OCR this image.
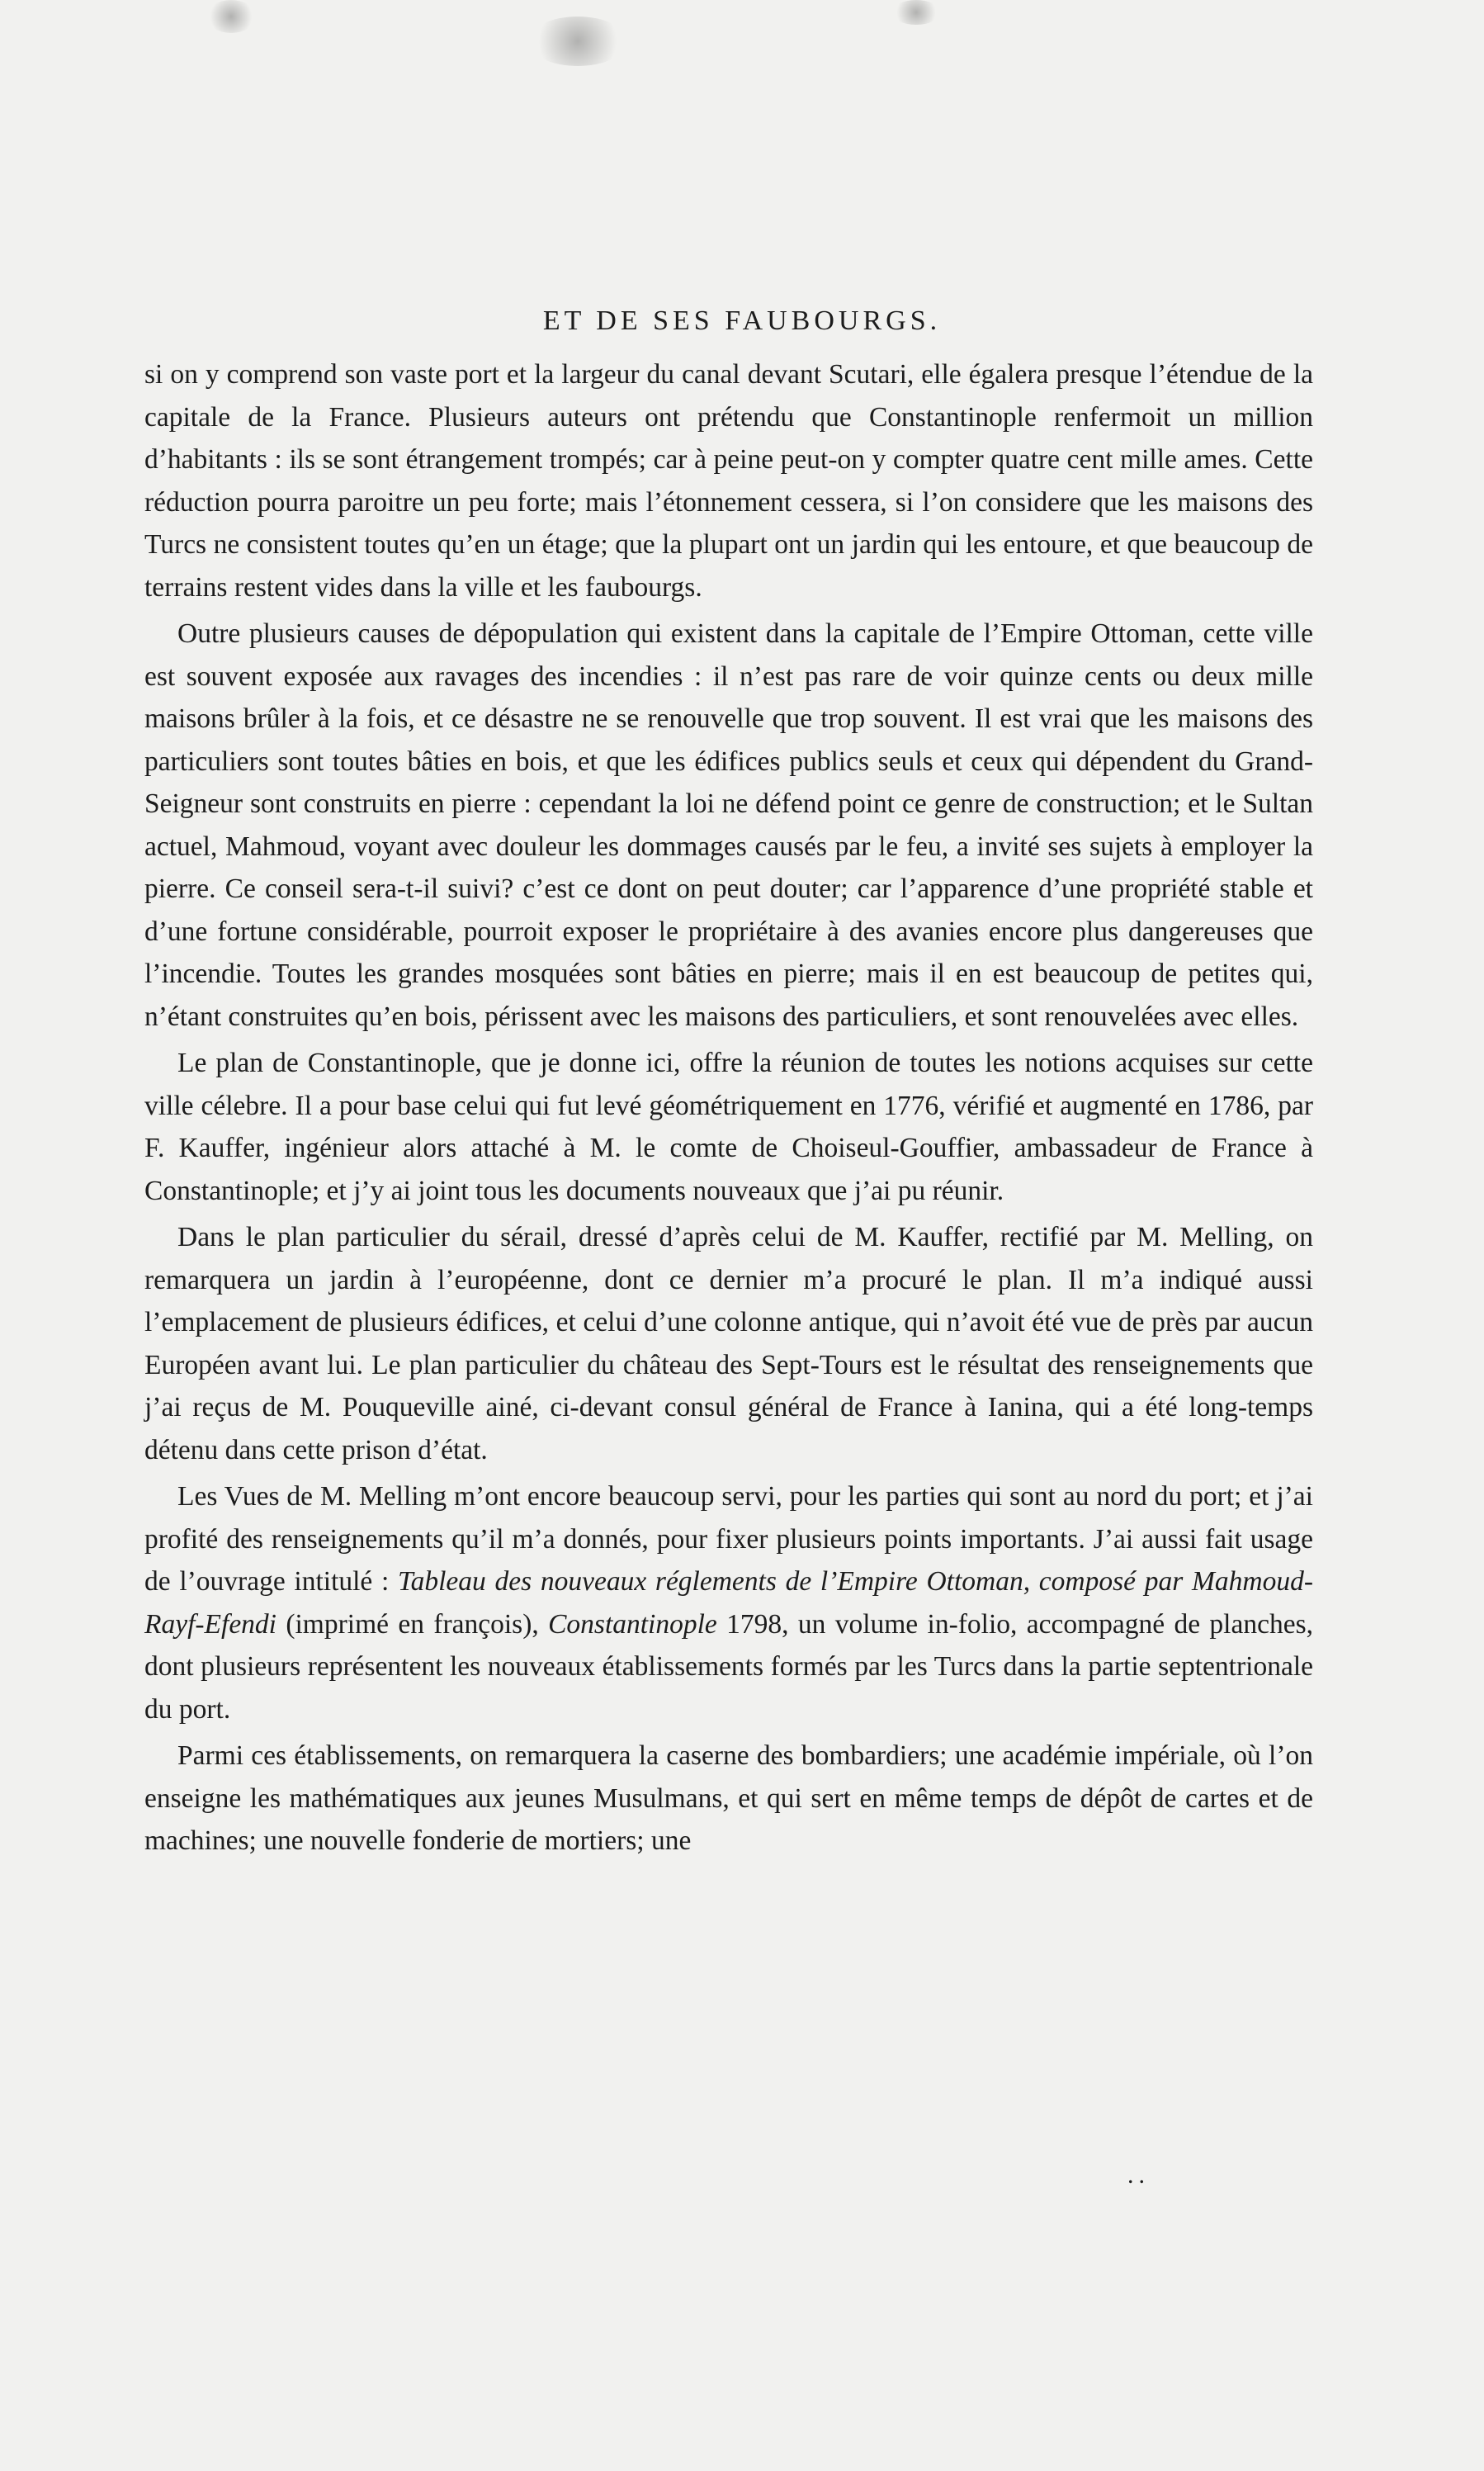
ET DE SES FAUBOURGS.

si on y comprend son vaste port et la largeur du canal devant Scutari, elle égalera presque l’étendue de la capitale de la France. Plusieurs auteurs ont prétendu que Constantinople renfermoit un million d’habitants : ils se sont étrangement trompés; car à peine peut-on y compter quatre cent mille ames. Cette réduction pourra paroitre un peu forte; mais l’étonnement cessera, si l’on considere que les maisons des Turcs ne consistent toutes qu’en un étage; que la plupart ont un jardin qui les entoure, et que beaucoup de terrains restent vides dans la ville et les faubourgs.

Outre plusieurs causes de dépopulation qui existent dans la capitale de l’Empire Ottoman, cette ville est souvent exposée aux ravages des incendies : il n’est pas rare de voir quinze cents ou deux mille maisons brûler à la fois, et ce désastre ne se renouvelle que trop souvent. Il est vrai que les maisons des particuliers sont toutes bâties en bois, et que les édifices publics seuls et ceux qui dépendent du Grand-Seigneur sont construits en pierre : cependant la loi ne défend point ce genre de construction; et le Sultan actuel, Mahmoud, voyant avec douleur les dommages causés par le feu, a invité ses sujets à employer la pierre. Ce conseil sera-t-il suivi? c’est ce dont on peut douter; car l’apparence d’une propriété stable et d’une fortune considérable, pourroit exposer le propriétaire à des avanies encore plus dangereuses que l’incendie. Toutes les grandes mosquées sont bâties en pierre; mais il en est beaucoup de petites qui, n’étant construites qu’en bois, périssent avec les maisons des particuliers, et sont renouvelées avec elles.

Le plan de Constantinople, que je donne ici, offre la réunion de toutes les notions acquises sur cette ville célebre. Il a pour base celui qui fut levé géométriquement en 1776, vérifié et augmenté en 1786, par F. Kauffer, ingénieur alors attaché à M. le comte de Choiseul-Gouffier, ambassadeur de France à Constantinople; et j’y ai joint tous les documents nouveaux que j’ai pu réunir.

Dans le plan particulier du sérail, dressé d’après celui de M. Kauffer, rectifié par M. Melling, on remarquera un jardin à l’européenne, dont ce dernier m’a procuré le plan. Il m’a indiqué aussi l’emplacement de plusieurs édifices, et celui d’une colonne antique, qui n’avoit été vue de près par aucun Européen avant lui. Le plan particulier du château des Sept-Tours est le résultat des renseignements que j’ai reçus de M. Pouqueville ainé, ci-devant consul général de France à Ianina, qui a été long-temps détenu dans cette prison d’état.

Les Vues de M. Melling m’ont encore beaucoup servi, pour les parties qui sont au nord du port; et j’ai profité des renseignements qu’il m’a donnés, pour fixer plusieurs points importants. J’ai aussi fait usage de l’ouvrage intitulé : Tableau des nouveaux réglements de l’Empire Ottoman, composé par Mahmoud-Rayf-Efendi (imprimé en françois), Constantinople 1798, un volume in-folio, accompagné de planches, dont plusieurs représentent les nouveaux établissements formés par les Turcs dans la partie septentrionale du port.

Parmi ces établissements, on remarquera la caserne des bombardiers; une académie impériale, où l’on enseigne les mathématiques aux jeunes Musulmans, et qui sert en même temps de dépôt de cartes et de machines; une nouvelle fonderie de mortiers; une

..
